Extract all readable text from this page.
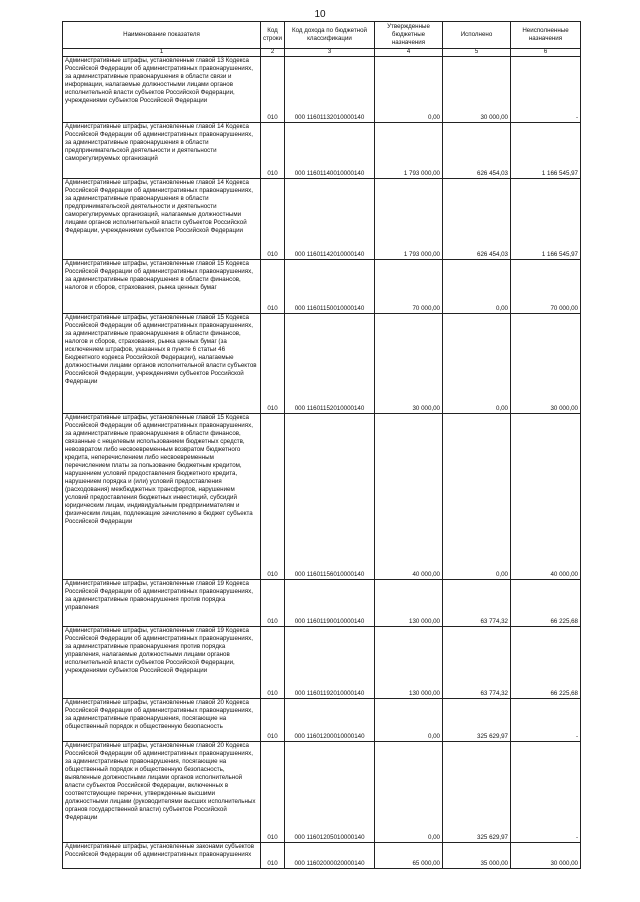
10
Наименование показателя	Код строки	Код дохода по бюджетной классификации	Утвержденные бюджетные назначения	Исполнено	Неисполненные назначения
1	2	3	4	5	6
Административные штрафы, установленные главой 13 Кодекса Российской Федерации об административных правонарушениях, за административные правонарушения в области связи и информации, налагаемые должностными лицами органов исполнительной власти субъектов Российской Федерации, учреждениями субъектов Российской Федерации	010	000 11601132010000140	0,00	30 000,00	-
Административные штрафы, установленные главой 14 Кодекса Российской Федерации об административных правонарушениях, за административные правонарушения в области предпринимательской деятельности и деятельности саморегулируемых организаций	010	000 11601140010000140	1 793 000,00	626 454,03	1 166 545,97
Административные штрафы, установленные главой 14 Кодекса Российской Федерации об административных правонарушениях, за административные правонарушения в области предпринимательской деятельности и деятельности саморегулируемых организаций, налагаемые должностными лицами органов исполнительной власти субъектов Российской Федерации, учреждениями субъектов Российской Федерации	010	000 11601142010000140	1 793 000,00	626 454,03	1 166 545,97
Административные штрафы, установленные главой 15 Кодекса Российской Федерации об административных правонарушениях, за административные правонарушения в области финансов, налогов и сборов, страхования, рынка ценных бумаг	010	000 11601150010000140	70 000,00	0,00	70 000,00
Административные штрафы, установленные главой 15 Кодекса Российской Федерации об административных правонарушениях, за административные правонарушения в области финансов, налогов и сборов, страхования, рынка ценных бумаг (за исключением штрафов, указанных в пункте 6 статьи 46 Бюджетного кодекса Российской Федерации), налагаемые должностными лицами органов исполнительной власти субъектов Российской Федерации, учреждениями субъектов Российской Федерации	010	000 11601152010000140	30 000,00	0,00	30 000,00
Административные штрафы, установленные главой 15 Кодекса Российской Федерации об административных правонарушениях, за административные правонарушения в области финансов, связанные с нецелевым использованием бюджетных средств, невозвратом либо несвоевременным возвратом бюджетного кредита, неперечислением либо несвоевременным перечислением платы за пользование бюджетным кредитом, нарушением условий предоставления бюджетного кредита, нарушением порядка и (или) условий предоставления (расходования) межбюджетных трансфертов, нарушением условий предоставления бюджетных инвестиций, субсидий юридическим лицам, индивидуальным предпринимателям и физическим лицам, подлежащие зачислению в бюджет субъекта Российской Федерации	010	000 11601156010000140	40 000,00	0,00	40 000,00
Административные штрафы, установленные главой 19 Кодекса Российской Федерации об административных правонарушениях, за административные правонарушения против порядка управления	010	000 11601190010000140	130 000,00	63 774,32	66 225,68
Административные штрафы, установленные главой 19 Кодекса Российской Федерации об административных правонарушениях, за административные правонарушения против порядка управления, налагаемые должностными лицами органов исполнительной власти субъектов Российской Федерации, учреждениями субъектов Российской Федерации	010	000 11601192010000140	130 000,00	63 774,32	66 225,68
Административные штрафы, установленные главой 20 Кодекса Российской Федерации об административных правонарушениях, за административные правонарушения, посягающие на общественный порядок и общественную безопасность	010	000 11601200010000140	0,00	325 629,97	-
Административные штрафы, установленные главой 20 Кодекса Российской Федерации об административных правонарушениях, за административные правонарушения, посягающие на общественный порядок и общественную безопасность, выявленные должностными лицами органов исполнительной власти субъектов Российской Федерации, включенных в соответствующие перечни, утвержденные высшими должностными лицами (руководителями высших исполнительных органов государственной власти) субъектов Российской Федерации	010	000 11601205010000140	0,00	325 629,97	-
Административные штрафы, установленные законами субъектов Российской Федерации об административных правонарушениях	010	000 11602000020000140	65 000,00	35 000,00	30 000,00
